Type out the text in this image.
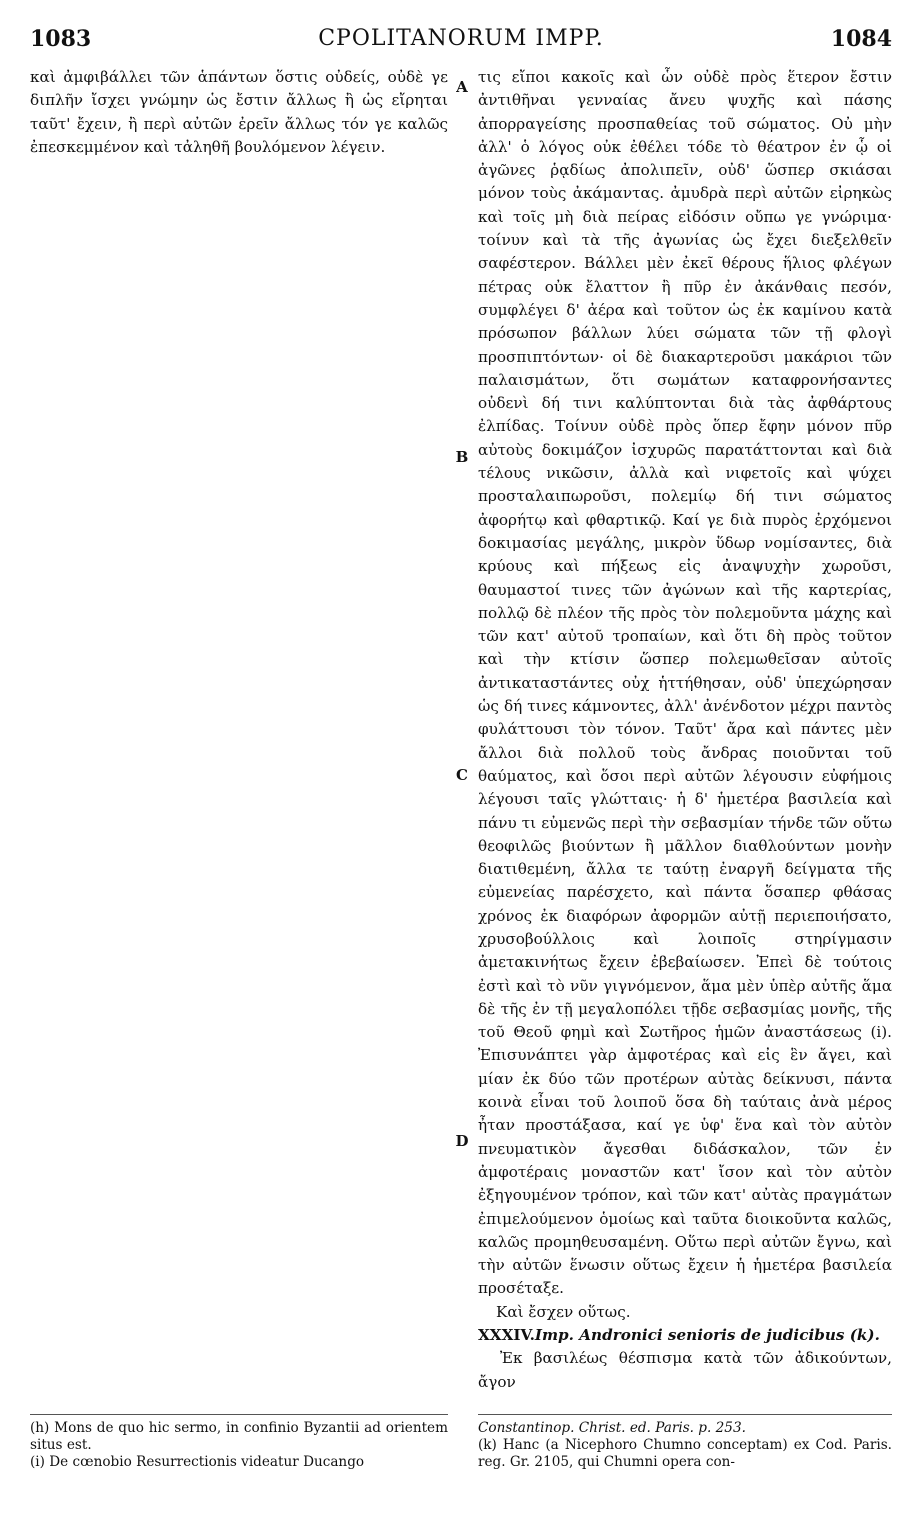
1083	CPOLITANORUM IMPP.	1084
A
B
C
D

καὶ ἀμφιβάλλει τῶν ἁπάντων ὅστις οὐδείς, οὐδὲ γε διπλῆν ἴσχει γνώμην ὡς ἔστιν ἄλλως ἢ ὡς εἴρηται ταῦτ' ἔχειν, ἢ περὶ αὐτῶν ἐρεῖν ἄλλως τόν γε καλῶς ἐπεσκεμμένον καὶ τἀληθῆ βουλόμενον λέγειν.

τις εἴποι κακοῖς καὶ ὧν οὐδὲ πρὸς ἕτερον ἔστιν ἀντιθῆναι γενναίας ἄνευ ψυχῆς καὶ πάσης ἀπορραγείσης προσπαθείας τοῦ σώματος. Οὐ μὴν ἀλλ' ὁ λόγος οὐκ ἐθέλει τόδε τὸ θέατρον ἐν ᾧ οἱ ἀγῶνες ῥᾳδίως ἀπολιπεῖν, οὐδ' ὥσπερ σκιάσαι μόνον τοὺς ἀκάμαντας. ἀμυδρὰ περὶ αὐτῶν εἰρηκὼς καὶ τοῖς μὴ διὰ πείρας εἰδόσιν οὔπω γε γνώριμα· τοίνυν καὶ τὰ τῆς ἀγωνίας ὡς ἔχει διεξελθεῖν σαφέστερον. Βάλλει μὲν ἐκεῖ θέρους ἥλιος φλέγων πέτρας οὐκ ἔλαττον ἢ πῦρ ἐν ἀκάνθαις πεσόν, συμφλέγει δ' ἀέρα καὶ τοῦτον ὡς ἐκ καμίνου κατὰ πρόσωπον βάλλων λύει σώματα τῶν τῇ φλογὶ προσπιπτόντων· οἱ δὲ διακαρτεροῦσι μακάριοι τῶν παλαισμάτων, ὅτι σωμάτων καταφρονήσαντες οὐδενὶ δή τινι καλύπτονται διὰ τὰς ἀφθάρτους ἐλπίδας. Τοίνυν οὐδὲ πρὸς ὅπερ ἔφην μόνον πῦρ αὐτοὺς δοκιμάζον ἰσχυρῶς παρατάττονται καὶ διὰ τέλους νικῶσιν, ἀλλὰ καὶ νιφετοῖς καὶ ψύχει προσταλαιπωροῦσι, πολεμίῳ δή τινι σώματος ἀφορήτῳ καὶ φθαρτικῷ. Καί γε διὰ πυρὸς ἐρχόμενοι δοκιμασίας μεγάλης, μικρὸν ὕδωρ νομίσαντες, διὰ κρύους καὶ πήξεως εἰς ἀναψυχὴν χωροῦσι, θαυμαστοί τινες τῶν ἀγώνων καὶ τῆς καρτερίας, πολλῷ δὲ πλέον τῆς πρὸς τὸν πολεμοῦντα μάχης καὶ τῶν κατ' αὐτοῦ τροπαίων, καὶ ὅτι δὴ πρὸς τοῦτον καὶ τὴν κτίσιν ὥσπερ πολεμωθεῖσαν αὐτοῖς ἀντικαταστάντες οὐχ ἡττήθησαν, οὐδ' ὑπεχώρησαν ὡς δή τινες κάμνοντες, ἀλλ' ἀνένδοτον μέχρι παντὸς φυλάττουσι τὸν τόνον. Ταῦτ' ἄρα καὶ πάντες μὲν ἄλλοι διὰ πολλοῦ τοὺς ἄνδρας ποιοῦνται τοῦ θαύματος, καὶ ὅσοι περὶ αὐτῶν λέγουσιν εὐφήμοις λέγουσι ταῖς γλώτταις· ἡ δ' ἡμετέρα βασιλεία καὶ πάνυ τι εὐμενῶς περὶ τὴν σεβασμίαν τήνδε τῶν οὕτω θεοφιλῶς βιούντων ἢ μᾶλλον διαθλούντων μονὴν διατιθεμένη, ἄλλα τε ταύτῃ ἐναργῆ δείγματα τῆς εὐμενείας παρέσχετο, καὶ πάντα ὅσαπερ φθάσας χρόνος ἐκ διαφόρων ἀφορμῶν αὐτῇ περιεποιήσατο, χρυσοβούλλοις καὶ λοιποῖς στηρίγμασιν ἀμετακινήτως ἔχειν ἐβεβαίωσεν. Ἐπεὶ δὲ τούτοις ἐστὶ καὶ τὸ νῦν γιγνόμενον, ἅμα μὲν ὑπὲρ αὐτῆς ἅμα δὲ τῆς ἐν τῇ μεγαλοπόλει τῇδε σεβασμίας μονῆς, τῆς τοῦ Θεοῦ φημὶ καὶ Σωτῆρος ἡμῶν ἀναστάσεως (i). Ἐπισυνάπτει γὰρ ἀμφοτέρας καὶ εἰς ἓν ἄγει, καὶ μίαν ἐκ δύο τῶν προτέρων αὐτὰς δείκνυσι, πάντα κοινὰ εἶναι τοῦ λοιποῦ ὅσα δὴ ταύταις ἀνὰ μέρος ἦταν προστάξασα, καί γε ὑφ' ἕνα καὶ τὸν αὐτὸν πνευματικὸν ἄγεσθαι διδάσκαλον, τῶν ἐν ἀμφοτέραις μοναστῶν κατ' ἴσον καὶ τὸν αὐτὸν ἐξηγουμένον τρόπον, καὶ τῶν κατ' αὐτὰς πραγμάτων ἐπιμελούμενον ὁμοίως καὶ ταῦτα διοικοῦντα καλῶς, καλῶς προμηθευσαμένη. Οὕτω περὶ αὐτῶν ἔγνω, καὶ τὴν αὐτῶν ἕνωσιν οὕτως ἔχειν ἡ ἡμετέρα βασιλεία προσέταξε.

Καὶ ἔσχεν οὕτως.

XXXIV.Imp. Andronici senioris de judicibus (k).

Ἐκ βασιλέως θέσπισμα κατὰ τῶν ἀδικούντων, ἄγον

(h) Mons de quo hic sermo, in confinio Byzantii ad orientem situs est.

(i) De cœnobio Resurrectionis videatur Ducango

Constantinop. Christ. ed. Paris. p. 253.

(k) Hanc (a Nicephoro Chumno conceptam) ex Cod. Paris. reg. Gr. 2105, qui Chumni opera con-
